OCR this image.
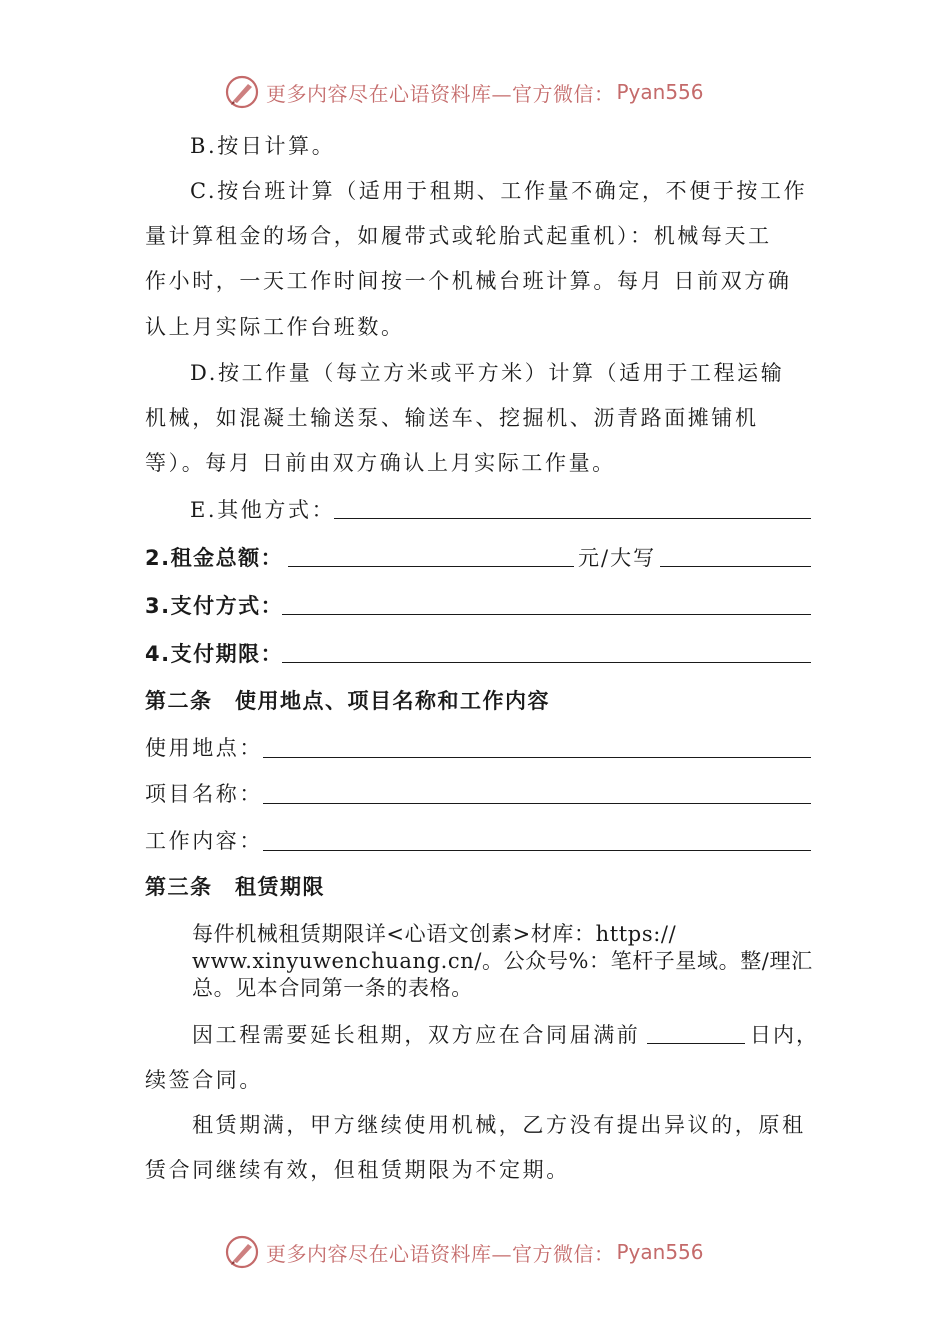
更多内容尽在心语资料库—官方微信： Pyan556
B.按日计算。
C.按台班计算（适用于租期、工作量不确定，不便于按工作
量计算租金的场合，如履带式或轮胎式起重机）：机械每天工
作小时，一天工作时间按一个机械台班计算。每月 日前双方确
认上月实际工作台班数。
D.按工作量（每立方米或平方米）计算（适用于工程运输
机械，如混凝土输送泵、输送车、挖掘机、沥青路面摊铺机
等）。每月 日前由双方确认上月实际工作量。
E.其他方式：
2.租金总额：	元/大写
3.支付方式：
4.支付期限：
第二条　使用地点、项目名称和工作内容
使用地点：
项目名称：
工作内容：
第三条　租赁期限
每件机械租赁期限详<心语文创素>材库：https://
www.xinyuwenchuang.cn/。公众号%：笔杆子星域。整/理汇
总。见本合同第一条的表格。
因工程需要延长租期，双方应在合同届满前	日内，
续签合同。
租赁期满，甲方继续使用机械，乙方没有提出异议的，原租
赁合同继续有效，但租赁期限为不定期。
更多内容尽在心语资料库—官方微信： Pyan556
